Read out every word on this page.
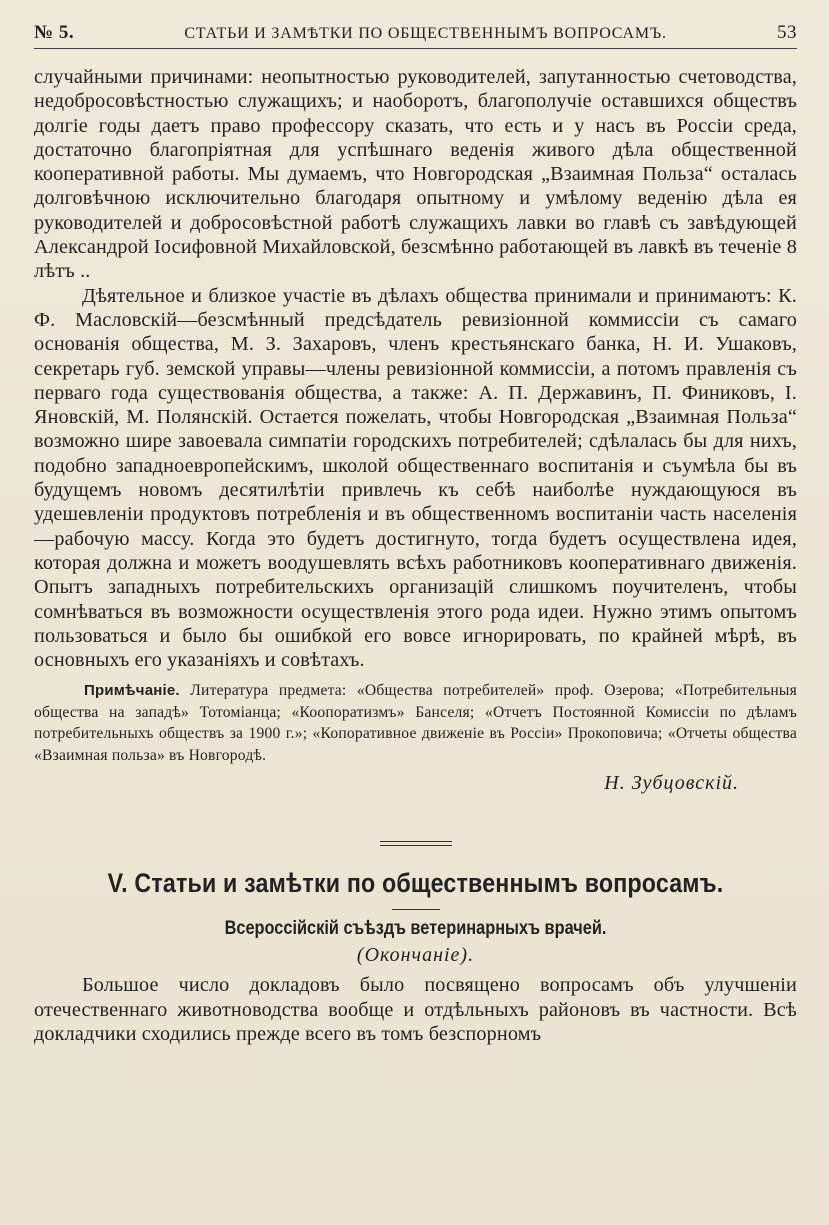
№ 5.	СТАТЬИ И ЗАМѢТКИ ПО ОБЩЕСТВЕННЫМЪ ВОПРОСАМЪ.	53

случайными причинами: неопытностью руководителей, запутанностью счетоводства, недобросовѣстностью служащихъ; и наоборотъ, благополучіе оставшихся обществъ долгіе годы даетъ право профессору сказать, что есть и у насъ въ Россіи среда, достаточно благопріятная для успѣшнаго веденія живого дѣла общественной кооперативной работы. Мы думаемъ, что Новгородская „Взаимная Польза“ осталась долговѣчною исключительно благодаря опытному и умѣлому веденію дѣла ея руководителей и добросовѣстной работѣ служащихъ лавки во главѣ съ завѣдующей Александрой Іосифовной Михайловской, безсмѣнно работающей въ лавкѣ въ теченіе 8 лѣтъ ..

Дѣятельное и близкое участіе въ дѣлахъ общества принимали и принимаютъ: К. Ф. Масловскій—безсмѣнный предсѣдатель ревизіонной коммиссіи съ самаго основанія общества, М. З. Захаровъ, членъ крестьянскаго банка, Н. И. Ушаковъ, секретарь губ. земской управы—члены ревизіонной коммиссіи, а потомъ правленія съ перваго года существованія общества, а также: А. П. Державинъ, П. Финиковъ, І. Яновскій, М. Полянскій. Остается пожелать, чтобы Новгородская „Взаимная Польза“ возможно шире завоевала симпатіи городскихъ потребителей; сдѣлалась бы для нихъ, подобно западноевропейскимъ, школой общественнаго воспитанія и съумѣла бы въ будущемъ новомъ десятилѣтіи привлечь къ себѣ наиболѣе нуждающуюся въ удешевленіи продуктовъ потребленія и въ общественномъ воспитаніи часть населенія—рабочую массу. Когда это будетъ достигнуто, тогда будетъ осуществлена идея, которая должна и можетъ воодушевлять всѣхъ работниковъ кооперативнаго движенія. Опытъ западныхъ потребительскихъ организацій слишкомъ поучителенъ, чтобы сомнѣваться въ возможности осуществленія этого рода идеи. Нужно этимъ опытомъ пользоваться и было бы ошибкой его вовсе игнорировать, по крайней мѣрѣ, въ основныхъ его указаніяхъ и совѣтахъ.

Примѣчаніе. Литература предмета: «Общества потребителей» проф. Озерова; «Потребительныя общества на западѣ» Тотоміанца; «Коопоратизмъ» Банселя; «Отчетъ Постоянной Комиссіи по дѣламъ потребительныхъ обществъ за 1900 г.»; «Копоративное движеніе въ Россіи» Прокоповича; «Отчеты общества «Взаимная польза» въ Новгородѣ.
Н. Зубцовскій.
V. Статьи и замѣтки по общественнымъ вопросамъ.
Всероссійскій съѣздъ ветеринарныхъ врачей.
(Окончаніе).

Большое число докладовъ было посвящено вопросамъ объ улучшеніи отечественнаго животноводства вообще и отдѣльныхъ районовъ въ частности. Всѣ докладчики сходились прежде всего въ томъ безспорномъ
